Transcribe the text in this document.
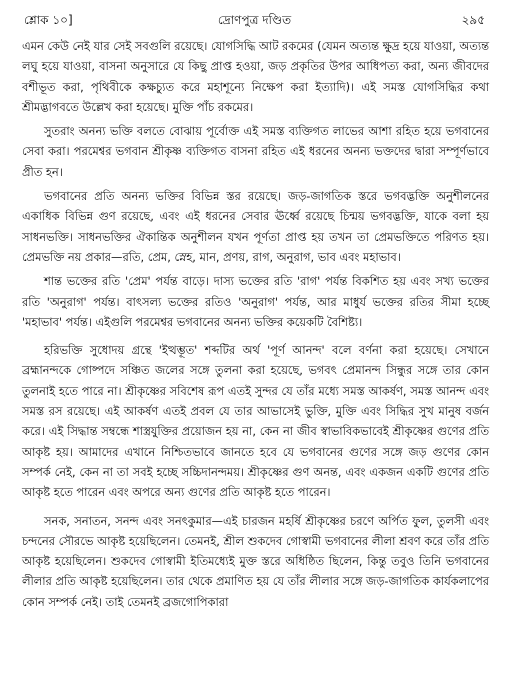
শ্লোক ১০]	দ্রোণপুত্র দণ্ডিত	২৯৫

এমন কেউ নেই যার সেই সবগুলি রয়েছে। যোগসিদ্ধি আট রকমের (যেমন অত্যন্ত ক্ষুদ্র হয়ে যাওয়া, অত্যন্ত লঘু হয়ে যাওয়া, বাসনা অনুসারে যে কিছু প্রাপ্ত হওয়া, জড় প্রকৃতির উপর আধিপত্য করা, অন্য জীবদের বশীভূত করা, পৃথিবীকে কক্ষচ্যুত করে মহাশূন্যে নিক্ষেপ করা ইত্যাদি)। এই সমস্ত যোগসিদ্ধির কথা শ্রীমদ্ভাগবতে উল্লেখ করা হয়েছে। মুক্তি পাঁচ রকমের।

সুতরাং অনন্য ভক্তি বলতে বোঝায় পূর্বোক্ত এই সমস্ত ব্যক্তিগত লাভের আশা রহিত হয়ে ভগবানের সেবা করা। পরমেশ্বর ভগবান শ্রীকৃষ্ণ ব্যক্তিগত বাসনা রহিত এই ধরনের অনন্য ভক্তদের দ্বারা সম্পূর্ণভাবে প্রীত হন।

ভগবানের প্রতি অনন্য ভক্তির বিভিন্ন স্তর রয়েছে। জড়-জাগতিক স্তরে ভগবদ্ভক্তি অনুশীলনের একাধিক বিভিন্ন গুণ রয়েছে, এবং এই ধরনের সেবার ঊর্ধ্বে রয়েছে চিন্ময় ভগবদ্ভক্তি, যাকে বলা হয় সাধনভক্তি। সাধনভক্তির ঐকান্তিক অনুশীলন যখন পূর্ণতা প্রাপ্ত হয় তখন তা প্রেমভক্তিতে পরিণত হয়। প্রেমভক্তি নয় প্রকার—রতি, প্রেম, স্নেহ, মান, প্রণয়, রাগ, অনুরাগ, ভাব এবং মহাভাব।

শান্ত ভক্তের রতি 'প্রেম' পর্যন্ত বাড়ে। দাস্য ভক্তের রতি 'রাগ' পর্যন্ত বিকশিত হয় এবং সখ্য ভক্তের রতি 'অনুরাগ' পর্যন্ত। বাৎসল্য ভক্তের রতিও 'অনুরাগ' পর্যন্ত, আর মাধুর্য ভক্তের রতির সীমা হচ্ছে 'মহাভাব' পর্যন্ত। এইগুলি পরমেশ্বর ভগবানের অনন্য ভক্তির কয়েকটি বৈশিষ্ট্য।

হরিভক্তি সুধোদয় গ্রন্থে 'ইত্থম্ভূত' শব্দটির অর্থ 'পূর্ণ আনন্দ' বলে বর্ণনা করা হয়েছে। সেখানে ব্রহ্মানন্দকে গোষ্পদে সঞ্চিত জলের সঙ্গে তুলনা করা হয়েছে, ভগবৎ প্রেমানন্দ সিন্ধুর সঙ্গে তার কোন তুলনাই হতে পারে না। শ্রীকৃষ্ণের সবিশেষ রূপ এতই সুন্দর যে তাঁর মধ্যে সমস্ত আকর্ষণ, সমস্ত আনন্দ এবং সমস্ত রস রয়েছে। এই আকর্ষণ এতই প্রবল যে তার আভাসেই ভুক্তি, মুক্তি এবং সিদ্ধির সুখ মানুষ বর্জন করে। এই সিদ্ধান্ত সম্বন্ধে শাস্ত্রযুক্তির প্রয়োজন হয় না, কেন না জীব স্বাভাবিকভাবেই শ্রীকৃষ্ণের গুণের প্রতি আকৃষ্ট হয়। আমাদের এখানে নিশ্চিতভাবে জানতে হবে যে ভগবানের গুণের সঙ্গে জড় গুণের কোন সম্পর্ক নেই, কেন না তা সবই হচ্ছে সচ্চিদানন্দময়। শ্রীকৃষ্ণের গুণ অনন্ত, এবং একজন একটি গুণের প্রতি আকৃষ্ট হতে পারেন এবং অপরে অন্য গুণের প্রতি আকৃষ্ট হতে পারেন।

সনক, সনাতন, সনন্দ এবং সনৎকুমার—এই চারজন মহর্ষি শ্রীকৃষ্ণের চরণে অর্পিত ফুল, তুলসী এবং চন্দনের সৌরভে আকৃষ্ট হয়েছিলেন। তেমনই, শ্রীল শুকদেব গোস্বামী ভগবানের লীলা শ্রবণ করে তাঁর প্রতি আকৃষ্ট হয়েছিলেন। শুকদেব গোস্বামী ইতিমধ্যেই মুক্ত স্তরে অধিষ্ঠিত ছিলেন, কিন্তু তবুও তিনি ভগবানের লীলার প্রতি আকৃষ্ট হয়েছিলেন। তার থেকে প্রমাণিত হয় যে তাঁর লীলার সঙ্গে জড়-জাগতিক কার্যকলাপের কোন সম্পর্ক নেই। তাই তেমনই ব্রজগোপিকারা
